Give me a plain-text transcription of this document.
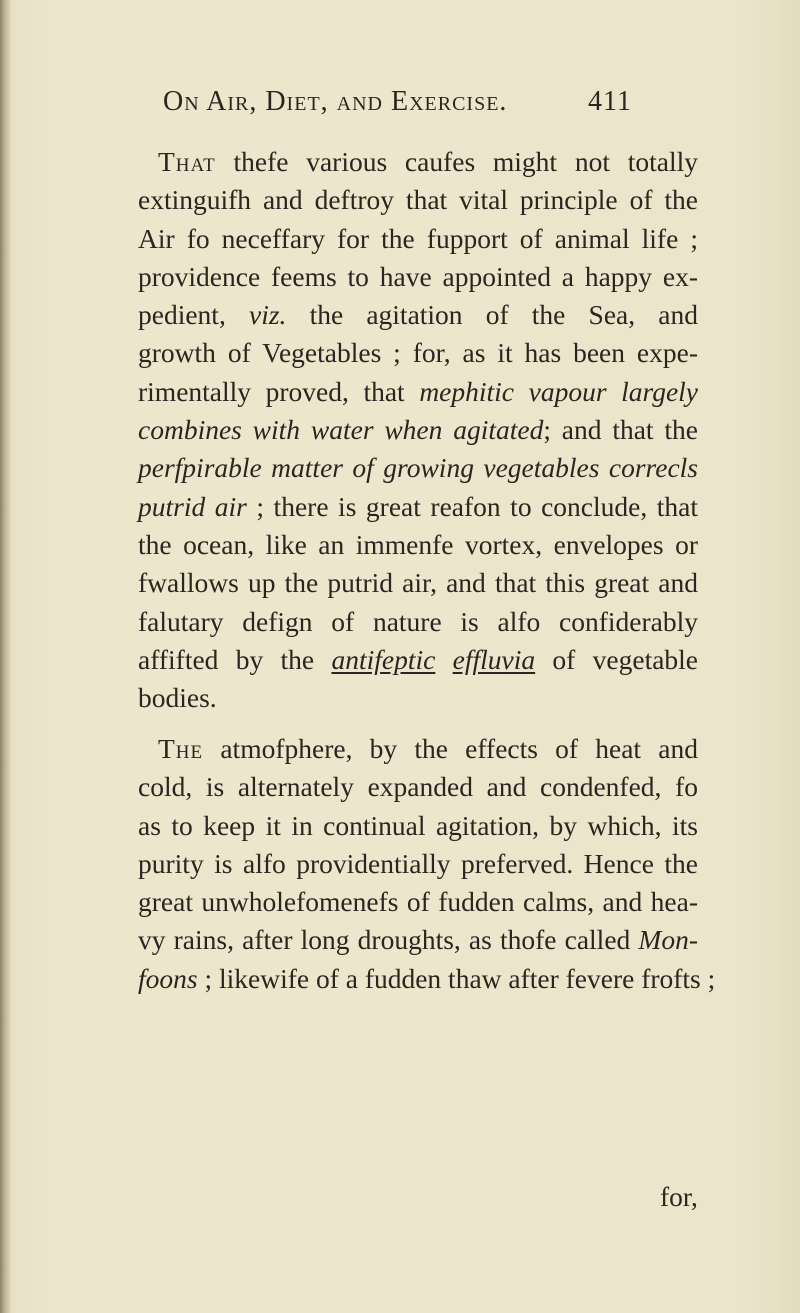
On Air, Diet, and Exercise.	411
That thefe various caufes might not totally
extinguifh and deftroy that vital principle of the
Air fo neceffary for the fupport of animal life ;
providence feems to have appointed a happy ex-
pedient, viz. the agitation of the Sea, and
growth of Vegetables ; for, as it has been expe-
rimentally proved, that mephitic vapour largely
combines with water when agitated; and that the
perfpirable matter of growing vegetables correcls
putrid air ; there is great reafon to conclude, that
the ocean, like an immenfe vortex, envelopes or
fwallows up the putrid air, and that this great and
falutary defign of nature is alfo confiderably
affifted by the antifeptic effluvia of vegetable
bodies.
The atmofphere, by the effects of heat and
cold, is alternately expanded and condenfed, fo
as to keep it in continual agitation, by which, its
purity is alfo providentially preferved. Hence the
great unwholefomenefs of fudden calms, and hea-
vy rains, after long droughts, as thofe called Mon-
foons ; likewife of a fudden thaw after fevere frofts ;
for,
